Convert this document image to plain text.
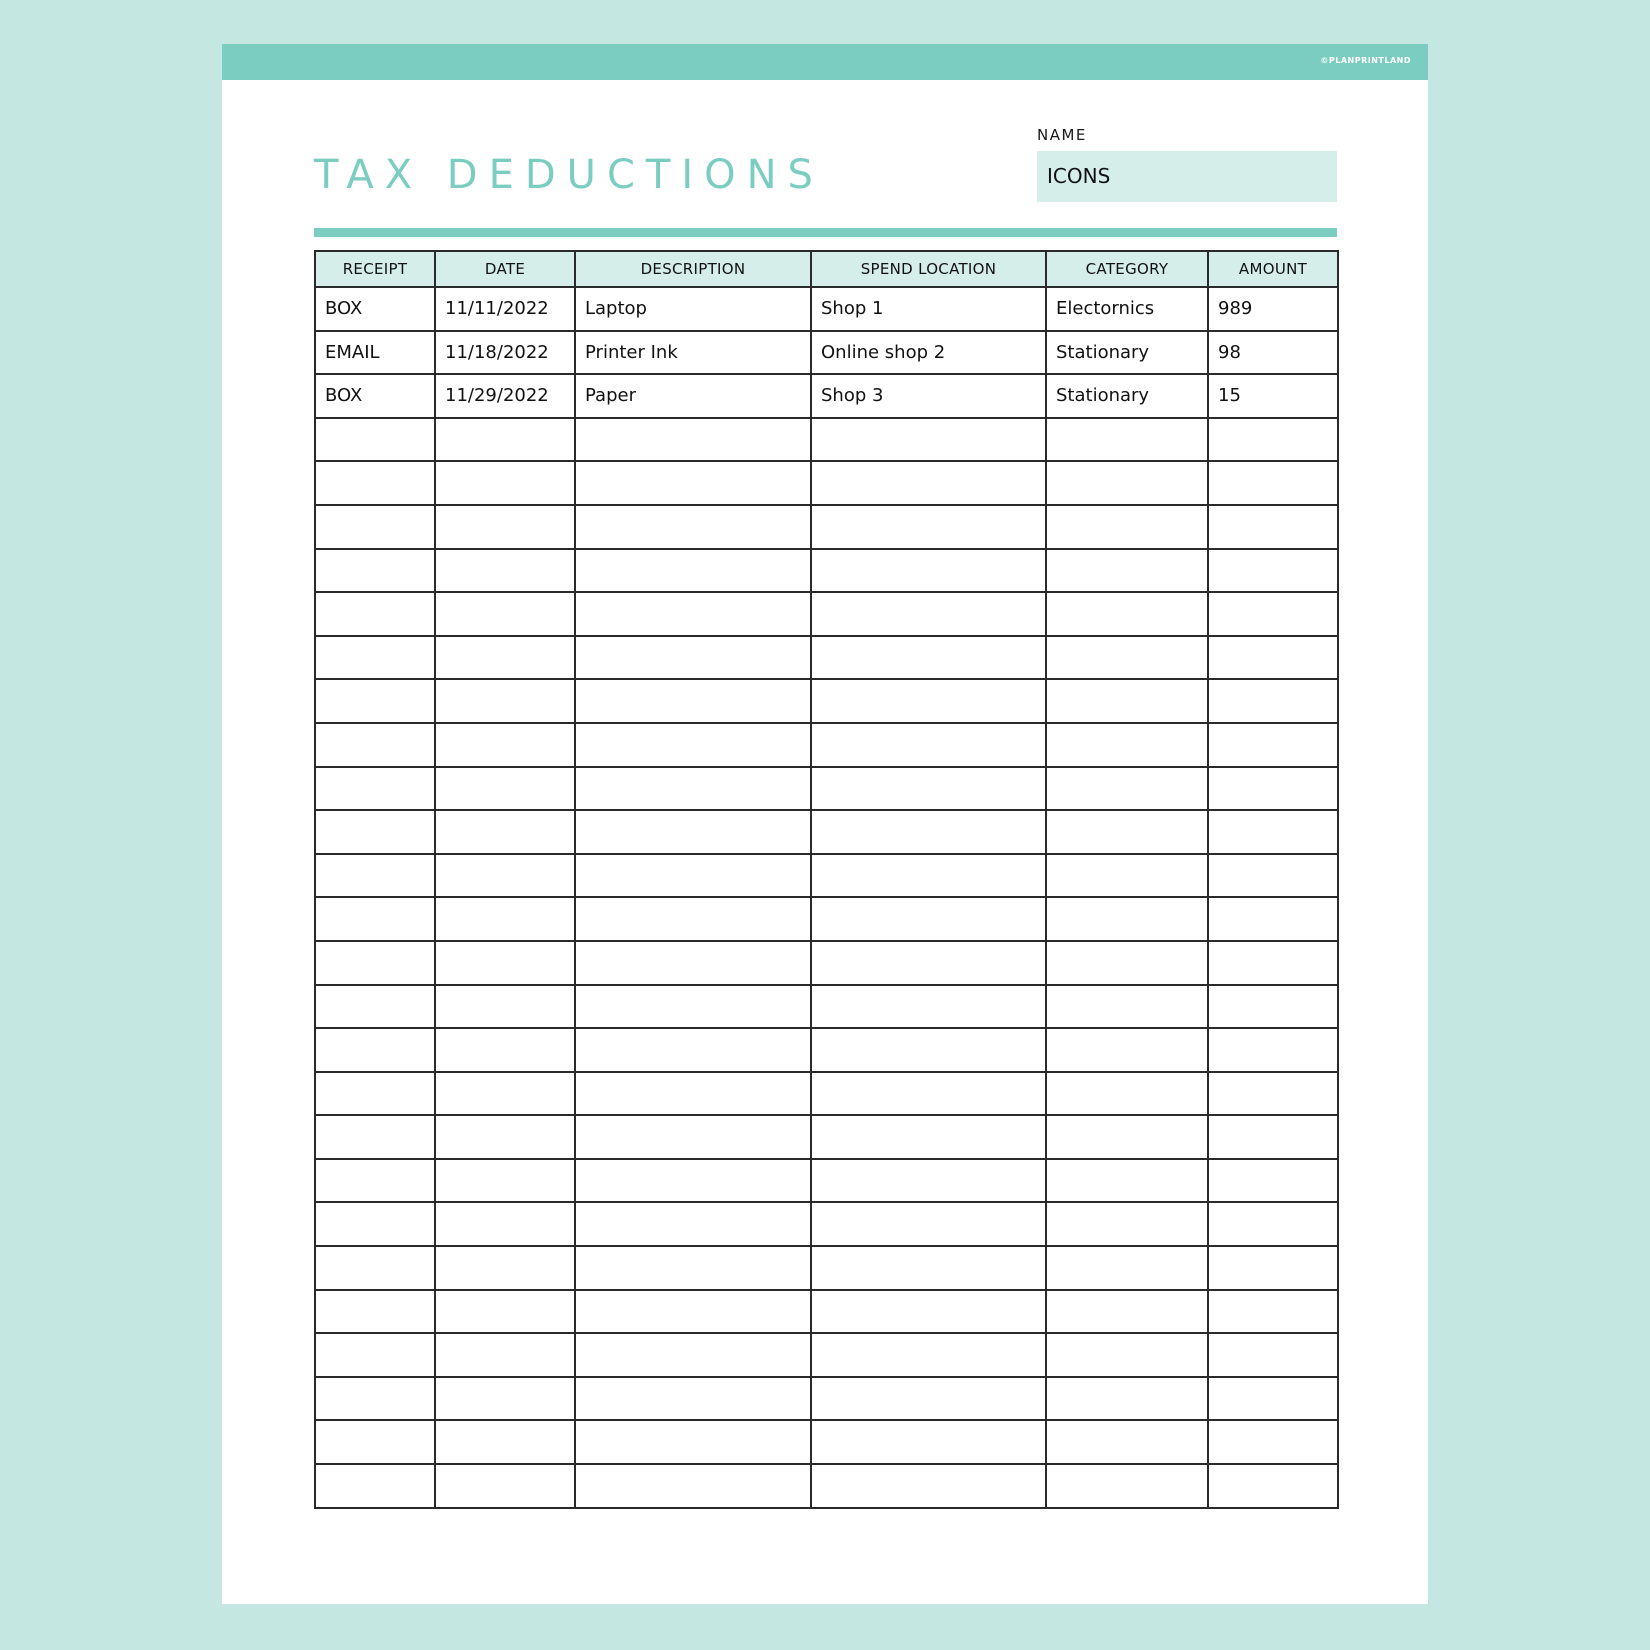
©PLANPRINTLAND
TAX DEDUCTIONS
NAME
ICONS
RECEIPT	DATE	DESCRIPTION	SPEND LOCATION	CATEGORY	AMOUNT
BOX	11/11/2022	Laptop	Shop 1	Electornics	989
EMAIL	11/18/2022	Printer Ink	Online shop 2	Stationary	98
BOX	11/29/2022	Paper	Shop 3	Stationary	15
